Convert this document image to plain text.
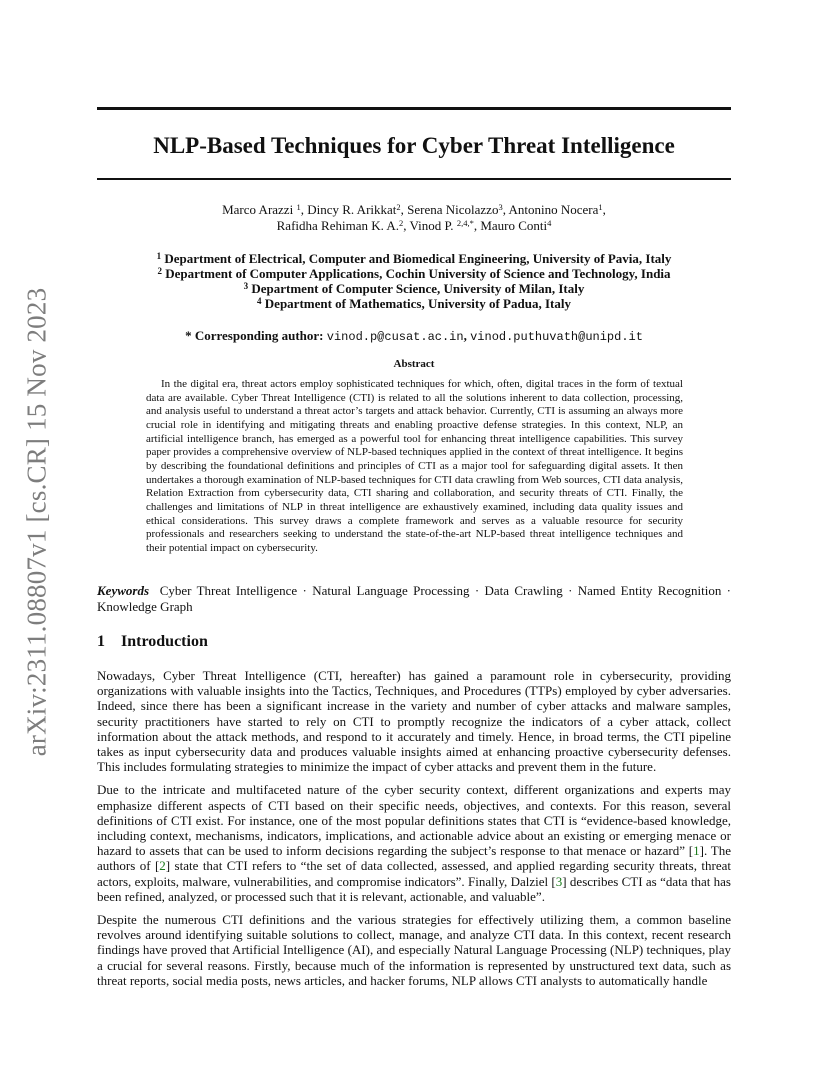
arXiv:2311.08807v1 [cs.CR] 15 Nov 2023
NLP-Based Techniques for Cyber Threat Intelligence
Marco Arazzi $^1$, Dincy R. Arikkat$^2$, Serena Nicolazzo$^3$, Antonino Nocera$^1$,
Rafidha Rehiman K. A.$^2$, Vinod P. $^{2,4,*}$, Mauro Conti$^4$
$^1$ Department of Electrical, Computer and Biomedical Engineering, University of Pavia, Italy
$^2$ Department of Computer Applications, Cochin University of Science and Technology, India
$^3$ Department of Computer Science, University of Milan, Italy
$^4$ Department of Mathematics, University of Padua, Italy
* Corresponding author: vinod.p@cusat.ac.in, vinod.puthuvath@unipd.it
Abstract
In the digital era, threat actors employ sophisticated techniques for which, often, digital traces in the form of textual data are available. Cyber Threat Intelligence (CTI) is related to all the solutions inherent to data collection, processing, and analysis useful to understand a threat actor’s targets and attack behavior. Currently, CTI is assuming an always more crucial role in identifying and mitigating threats and enabling proactive defense strategies. In this context, NLP, an artificial intelligence branch, has emerged as a powerful tool for enhancing threat intelligence capabilities. This survey paper provides a comprehensive overview of NLP-based techniques applied in the context of threat intelligence. It begins by describing the foundational definitions and principles of CTI as a major tool for safeguarding digital assets. It then undertakes a thorough examination of NLP-based techniques for CTI data crawling from Web sources, CTI data analysis, Relation Extraction from cybersecurity data, CTI sharing and collaboration, and security threats of CTI. Finally, the challenges and limitations of NLP in threat intelligence are exhaustively examined, including data quality issues and ethical considerations. This survey draws a complete framework and serves as a valuable resource for security professionals and researchers seeking to understand the state-of-the-art NLP-based threat intelligence techniques and their potential impact on cybersecurity.
Keywords Cyber Threat Intelligence · Natural Language Processing · Data Crawling · Named Entity Recognition · Knowledge Graph
1 Introduction

Nowadays, Cyber Threat Intelligence (CTI, hereafter) has gained a paramount role in cybersecurity, providing organizations with valuable insights into the Tactics, Techniques, and Procedures (TTPs) employed by cyber adversaries. Indeed, since there has been a significant increase in the variety and number of cyber attacks and malware samples, security practitioners have started to rely on CTI to promptly recognize the indicators of a cyber attack, collect information about the attack methods, and respond to it accurately and timely. Hence, in broad terms, the CTI pipeline takes as input cybersecurity data and produces valuable insights aimed at enhancing proactive cybersecurity defenses. This includes formulating strategies to minimize the impact of cyber attacks and prevent them in the future.

Due to the intricate and multifaceted nature of the cyber security context, different organizations and experts may emphasize different aspects of CTI based on their specific needs, objectives, and contexts. For this reason, several definitions of CTI exist. For instance, one of the most popular definitions states that CTI is “evidence-based knowledge, including context, mechanisms, indicators, implications, and actionable advice about an existing or emerging menace or hazard to assets that can be used to inform decisions regarding the subject’s response to that menace or hazard” [1]. The authors of [2] state that CTI refers to “the set of data collected, assessed, and applied regarding security threats, threat actors, exploits, malware, vulnerabilities, and compromise indicators”. Finally, Dalziel [3] describes CTI as “data that has been refined, analyzed, or processed such that it is relevant, actionable, and valuable”.

Despite the numerous CTI definitions and the various strategies for effectively utilizing them, a common baseline revolves around identifying suitable solutions to collect, manage, and analyze CTI data. In this context, recent research findings have proved that Artificial Intelligence (AI), and especially Natural Language Processing (NLP) techniques, play a crucial for several reasons. Firstly, because much of the information is represented by unstructured text data, such as threat reports, social media posts, news articles, and hacker forums, NLP allows CTI analysts to automatically handle
